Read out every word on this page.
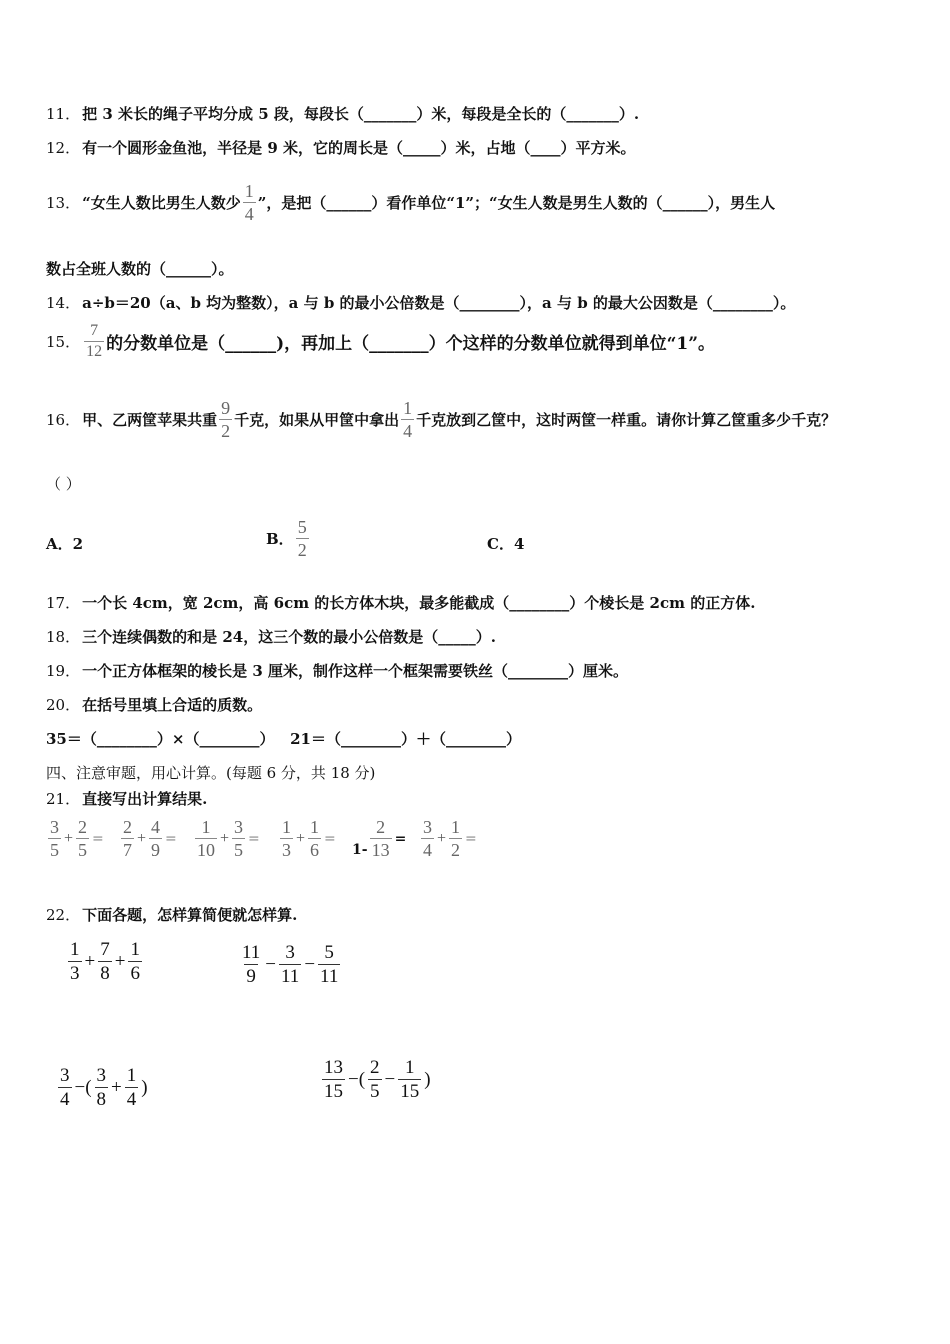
11． 把 3 米长的绳子平均分成 5 段，每段长（_______）米，每段是全长的（_______）.
12． 有一个圆形金鱼池，半径是 9 米，它的周长是（_____）米，占地（____）平方米。
13． “女生人数比男生人数少 $\frac{1}{4}$ ”，是把（______）看作单位“1”；“女生人数是男生人数的（______），男生人
数占全班人数的（______）。
14． a÷b＝20（a、b 均为整数），a 与 b 的最小公倍数是（________），a 与 b 的最大公因数是（________）。
15． $\frac{7}{12}$ 的分数单位是（______)，再加上（_______）个这样的分数单位就得到单位“1”。
16． 甲、乙两筐苹果共重 $\frac{9}{2}$ 千克，如果从甲筐中拿出 $\frac{1}{4}$ 千克放到乙筐中，这时两筐一样重。请你计算乙筐重多少千克？
（ ）
A．2	B． $\frac{5}{2}$	C．4
17． 一个长 4cm，宽 2cm，高 6cm 的长方体木块，最多能截成（________）个棱长是 2cm 的正方体.
18． 三个连续偶数的和是 24，这三个数的最小公倍数是（_____）.
19． 一个正方体框架的棱长是 3 厘米，制作这样一个框架需要铁丝（________）厘米。
20． 在括号里填上合适的质数。
35＝（________）×（________）   21＝（________）＋（________）
四、注意审题，用心计算。(每题 6 分，共 18 分)
21． 直接写出计算结果.
$\frac{3}{5} + \frac{2}{5} = \frac{2}{7} + \frac{4}{9} = \frac{1}{10} + \frac{3}{5} = \frac{1}{3} + \frac{1}{6}$ =
$1- \frac{2}{13} = \frac{3}{4} + \frac{1}{2}$ =
22． 下面各题，怎样算简便就怎样算.
$\frac{1}{3} + \frac{7}{8} + \frac{1}{6}$	$\frac{11}{9} - \frac{3}{11} - \frac{5}{11}$
$\frac{3}{4}$ −( $\frac{3}{8} + \frac{1}{4}$ )	$\frac{13}{15}$ −( $\frac{2}{5} - \frac{1}{15}$ )
